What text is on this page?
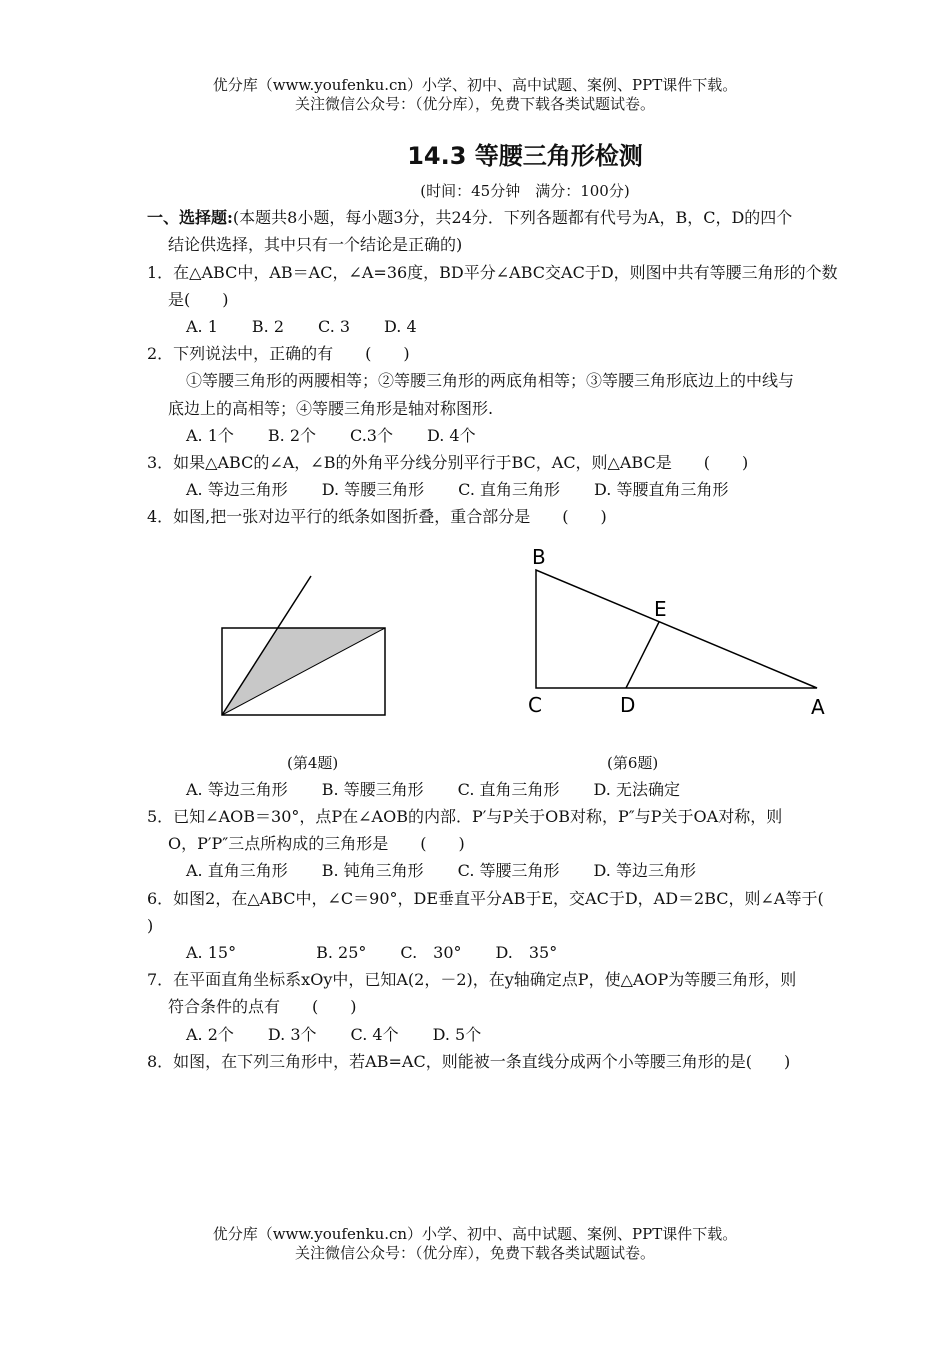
优分库（www.youfenku.cn）小学、初中、高中试题、案例、PPT课件下载。
关注微信公众号：（优分库），免费下载各类试题试卷。
14.3 等腰三角形检测
(时间：45分钟　满分：100分)
一、选择题:(本题共8小题，每小题3分，共24分．下列各题都有代号为A，B，C，D的四个
结论供选择，其中只有一个结论是正确的)
1．在△ABC中，AB＝AC，∠A=36度，BD平分∠ABC交AC于D，则图中共有等腰三角形的个数
是(　　)
A. 1 B. 2 C. 3 D. 4
2．下列说法中，正确的有　　(　　)
①等腰三角形的两腰相等；②等腰三角形的两底角相等；③等腰三角形底边上的中线与
底边上的高相等；④等腰三角形是轴对称图形.
A. 1个 B. 2个 C.3个 D. 4个
3．如果△ABC的∠A，∠B的外角平分线分别平行于BC，AC，则△ABC是　　(　　)
A. 等边三角形 D. 等腰三角形 C. 直角三角形 D. 等腰直角三角形
4．如图,把一张对边平行的纸条如图折叠，重合部分是　　(　　)
B
E
C	D	A
(第4题)	(第6题)
A. 等边三角形 B. 等腰三角形 C. 直角三角形 D. 无法确定
5．已知∠AOB＝30°，点P在∠AOB的内部．P′与P关于OB对称，P″与P关于OA对称，则
O，P′P″三点所构成的三角形是　　(　　)
A. 直角三角形 B. 钝角三角形 C. 等腰三角形 D. 等边三角形
6．如图2，在△ABC中，∠C＝90°，DE垂直平分AB于E，交AC于D，AD＝2BC，则∠A等于(
)
A. 15°	B. 25° C.　30° D.　35°
7．在平面直角坐标系xOy中，已知A(2，－2)，在y轴确定点P，使△AOP为等腰三角形，则
符合条件的点有　　(　　)
A. 2个 D. 3个 C. 4个 D. 5个
8．如图，在下列三角形中，若AB=AC，则能被一条直线分成两个小等腰三角形的是(　　)
优分库（www.youfenku.cn）小学、初中、高中试题、案例、PPT课件下载。
关注微信公众号：（优分库），免费下载各类试题试卷。
